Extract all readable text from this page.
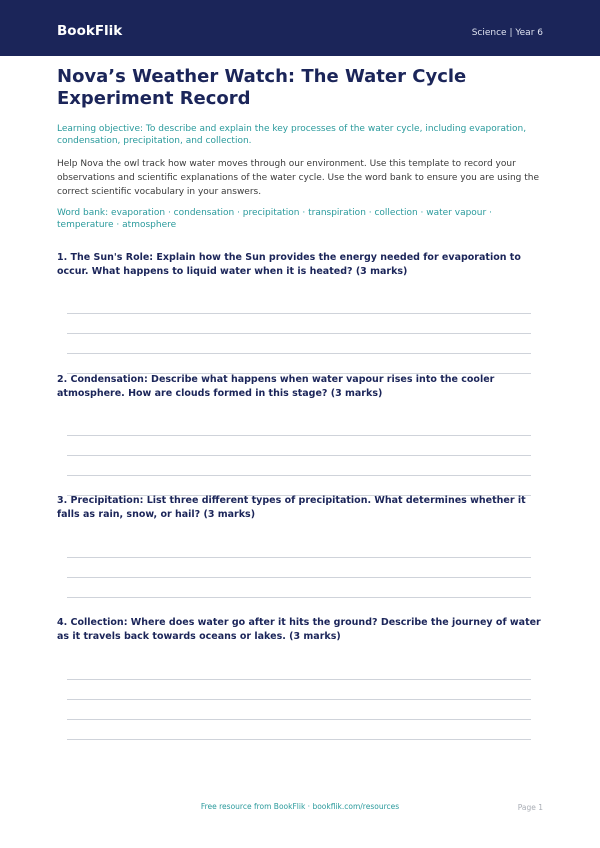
BookFlik	Science | Year 6
Nova’s Weather Watch: The Water Cycle Experiment Record
Learning objective: To describe and explain the key processes of the water cycle, including evaporation, condensation, precipitation, and collection.
Help Nova the owl track how water moves through our environment. Use this template to record your observations and scientific explanations of the water cycle. Use the word bank to ensure you are using the correct scientific vocabulary in your answers.
Word bank: evaporation · condensation · precipitation · transpiration · collection · water vapour · temperature · atmosphere
1. The Sun's Role: Explain how the Sun provides the energy needed for evaporation to occur. What happens to liquid water when it is heated? (3 marks)
2. Condensation: Describe what happens when water vapour rises into the cooler atmosphere. How are clouds formed in this stage? (3 marks)
3. Precipitation: List three different types of precipitation. What determines whether it falls as rain, snow, or hail? (3 marks)
4. Collection: Where does water go after it hits the ground? Describe the journey of water as it travels back towards oceans or lakes. (3 marks)
Free resource from BookFlik · bookflik.com/resources	Page 1
